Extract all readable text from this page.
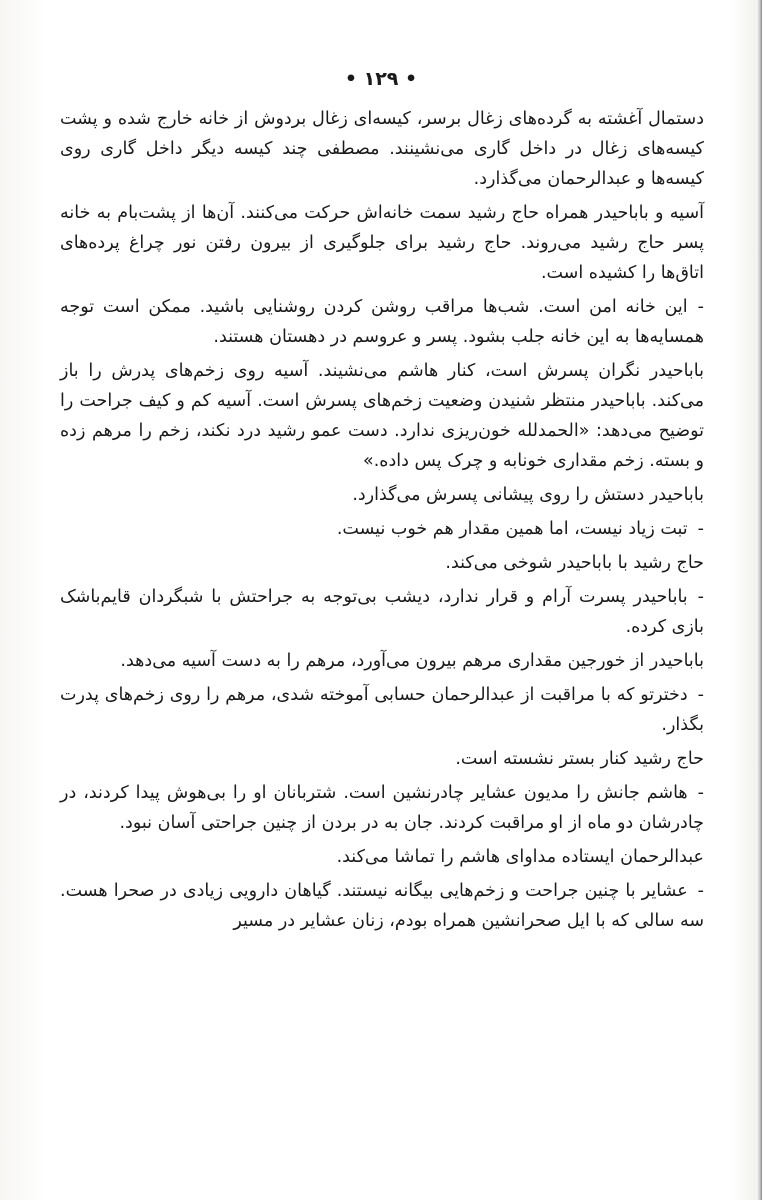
• ۱۲۹ •

دستمال آغشته به گرده‌های زغال برسر، کیسه‌ای زغال بردوش از خانه خارج شده و پشت کیسه‌های زغال در داخل گاری می‌نشینند. مصطفی چند کیسه دیگر داخل گاری روی کیسه‌ها و عبدالرحمان می‌گذارد.

آسیه و باباحیدر همراه حاج رشید سمت خانه‌اش حرکت می‌کنند. آن‌ها از پشت‌بام به خانه پسر حاج رشید می‌روند. حاج رشید برای جلوگیری از بیرون رفتن نور چراغ پرده‌های اتاق‌ها را کشیده است.

-این خانه امن است. شب‌ها مراقب روشن کردن روشنایی باشید. ممکن است توجه همسایه‌ها به این خانه جلب بشود. پسر و عروسم در دهستان هستند.

باباحیدر نگران پسرش است، کنار هاشم می‌نشیند. آسیه روی زخم‌های پدرش را باز می‌کند. باباحیدر منتظر شنیدن وضعیت زخم‌های پسرش است. آسیه کم و کیف جراحت را توضیح می‌دهد: «الحمدلله خون‌ریزی ندارد. دست عمو رشید درد نکند، زخم را مرهم زده و بسته. زخم مقداری خونابه و چرک پس داده.»

باباحیدر دستش را روی پیشانی پسرش می‌گذارد.

-تبت زیاد نیست، اما همین مقدار هم خوب نیست.

حاج رشید با باباحیدر شوخی می‌کند.

-باباحیدر پسرت آرام و قرار ندارد، دیشب بی‌توجه به جراحتش با شبگردان قایم‌باشک بازی کرده.

باباحیدر از خورجین مقداری مرهم بیرون می‌آورد، مرهم را به دست آسیه می‌دهد.

-دخترتو که با مراقبت از عبدالرحمان حسابی آموخته شدی، مرهم را روی زخم‌های پدرت بگذار.

حاج رشید کنار بستر نشسته است.

-هاشم جانش را مدیون عشایر چادرنشین است. شتربانان او را بی‌هوش پیدا کردند، در چادرشان دو ماه از او مراقبت کردند. جان به در بردن از چنین جراحتی آسان نبود.

عبدالرحمان ایستاده مداوای هاشم را تماشا می‌کند.

-عشایر با چنین جراحت و زخم‌هایی بیگانه نیستند. گیاهان دارویی زیادی در صحرا هست. سه سالی که با ایل صحرانشین همراه بودم، زنان عشایر در مسیر
